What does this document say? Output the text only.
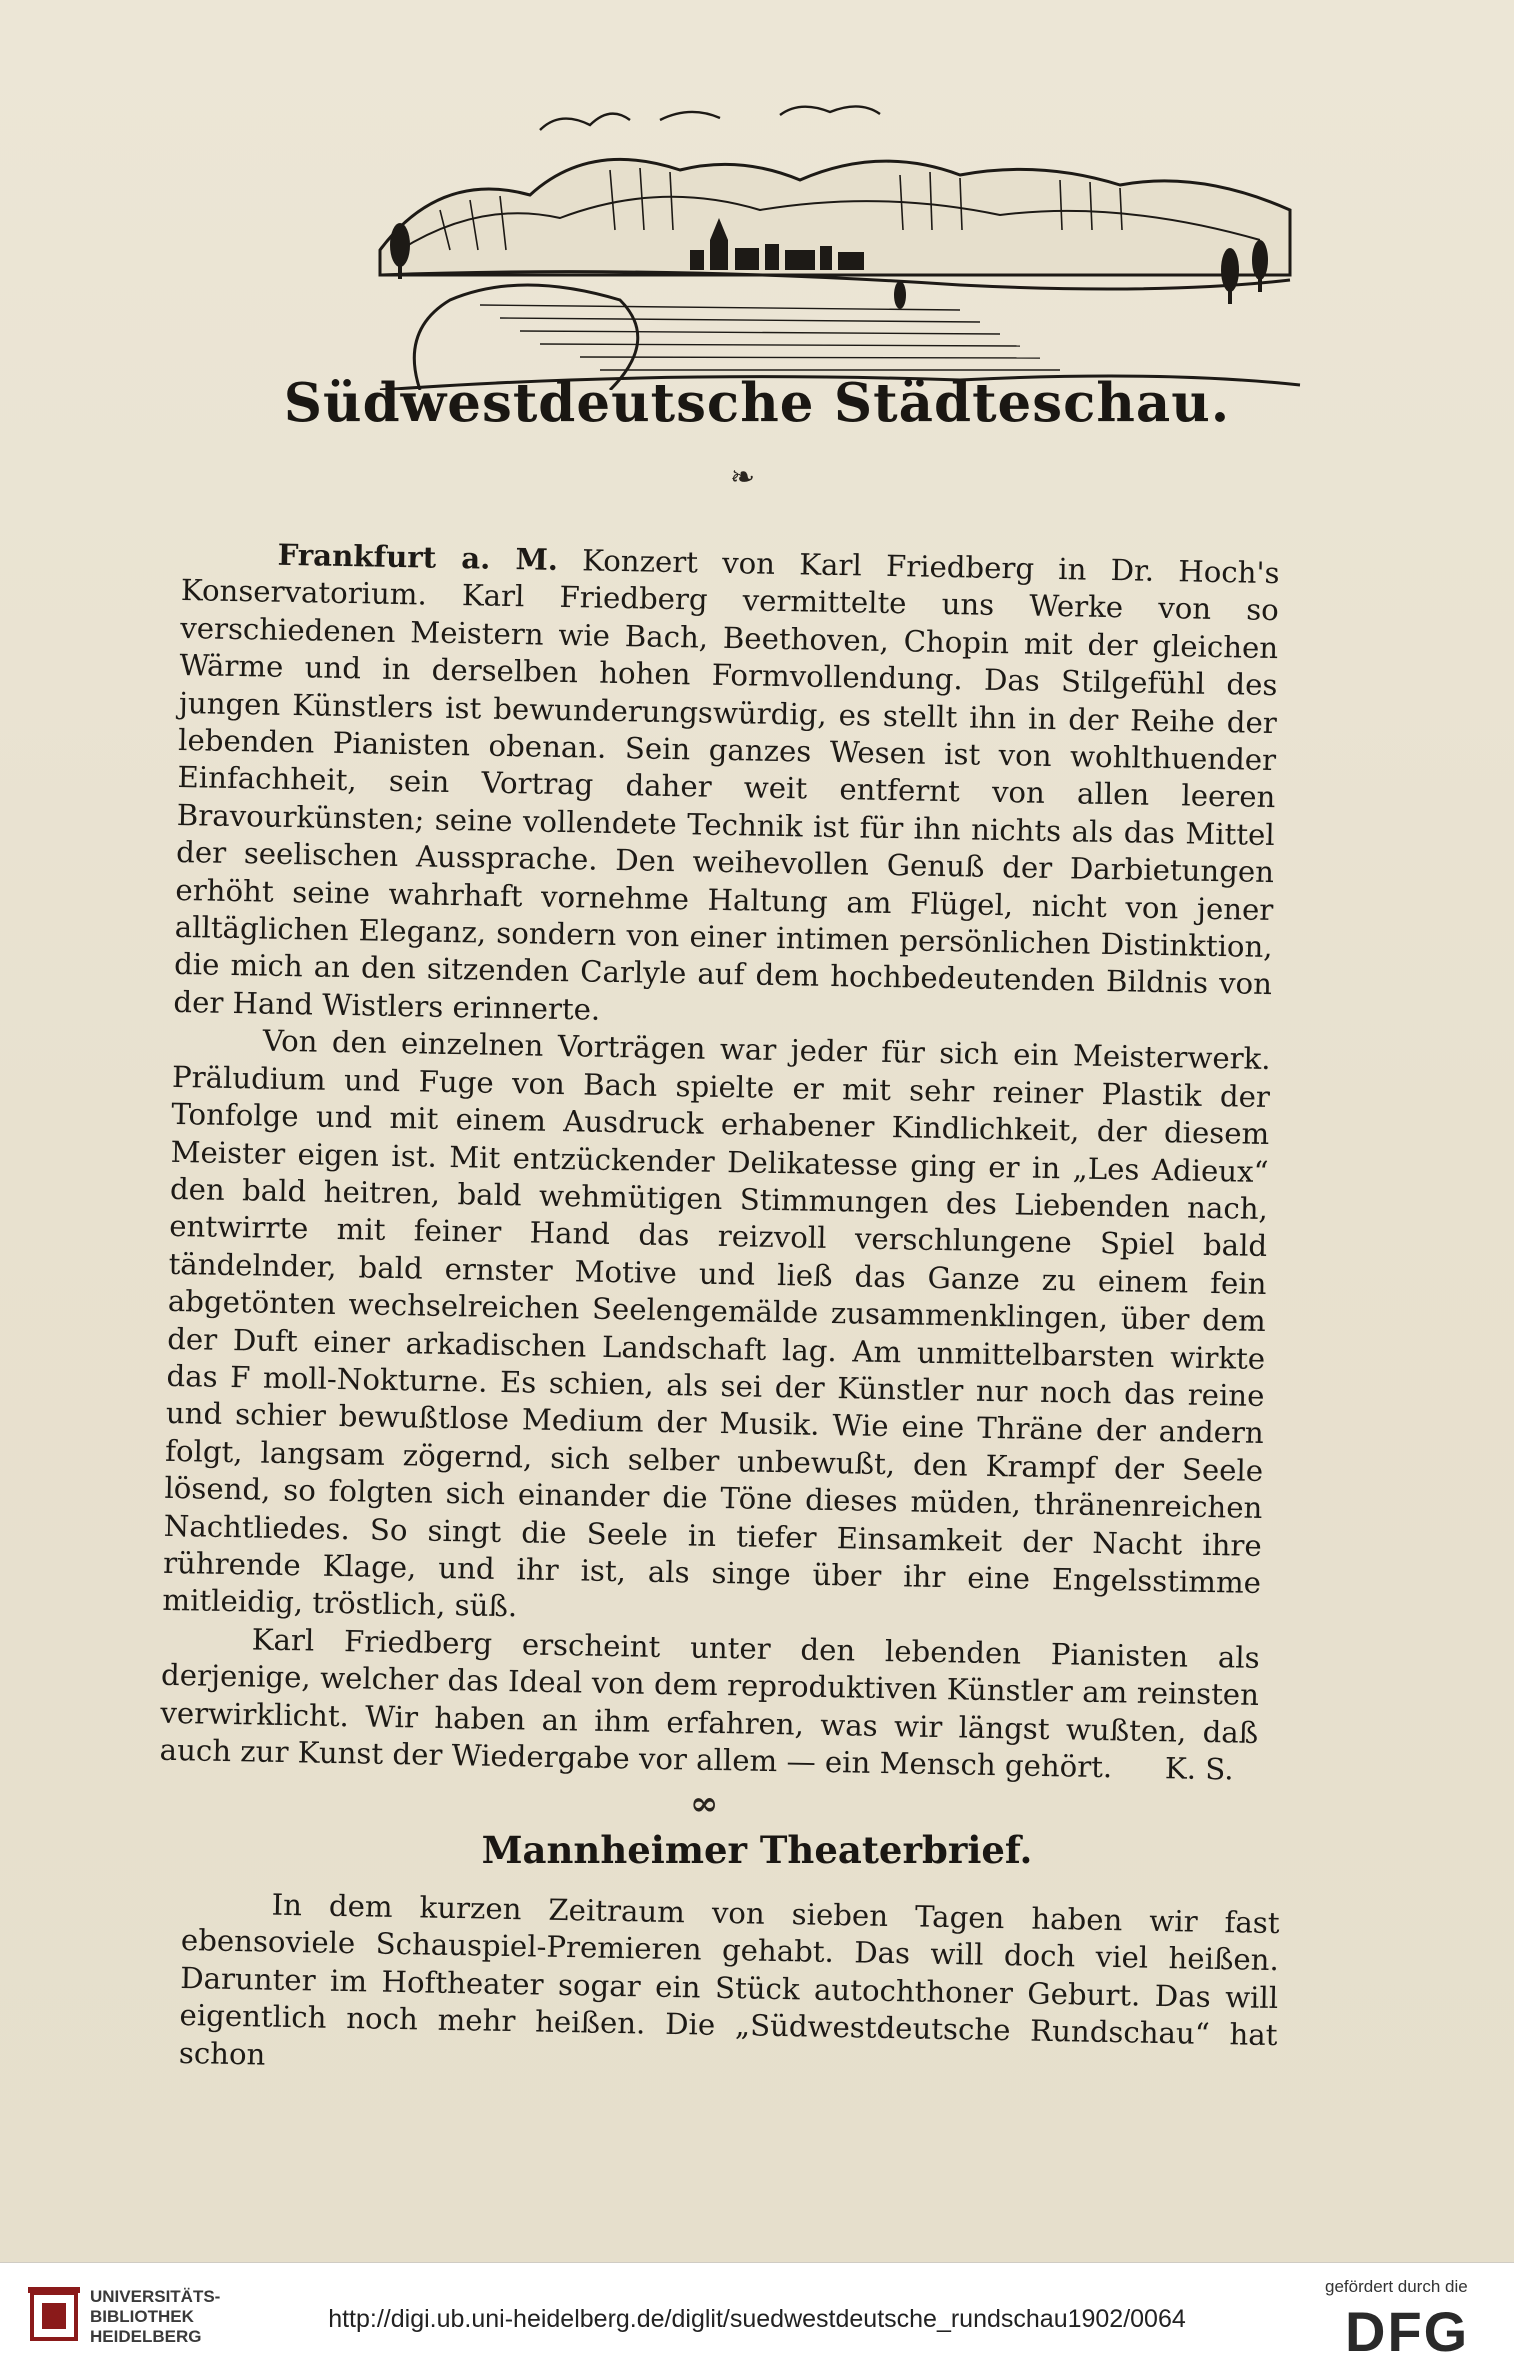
Südwestdeutsche Städteschau.
❧

Frankfurt a. M. Konzert von Karl Friedberg in Dr. Hoch's Konservatorium. Karl Friedberg vermittelte uns Werke von so verschiedenen Meistern wie Bach, Beethoven, Chopin mit der gleichen Wärme und in derselben hohen Formvollendung. Das Stilgefühl des jungen Künstlers ist bewunderungswürdig, es stellt ihn in der Reihe der lebenden Pianisten obenan. Sein ganzes Wesen ist von wohlthuender Einfachheit, sein Vortrag daher weit entfernt von allen leeren Bravourkünsten; seine vollendete Technik ist für ihn nichts als das Mittel der seelischen Aussprache. Den weihevollen Genuß der Darbietungen erhöht seine wahrhaft vornehme Haltung am Flügel, nicht von jener alltäglichen Eleganz, sondern von einer intimen persönlichen Distinktion, die mich an den sitzenden Carlyle auf dem hochbedeutenden Bildnis von der Hand Wistlers erinnerte.

Von den einzelnen Vorträgen war jeder für sich ein Meisterwerk. Präludium und Fuge von Bach spielte er mit sehr reiner Plastik der Tonfolge und mit einem Ausdruck erhabener Kindlichkeit, der diesem Meister eigen ist. Mit entzückender Delikatesse ging er in „Les Adieux“ den bald heitren, bald wehmütigen Stimmungen des Liebenden nach, entwirrte mit feiner Hand das reizvoll verschlungene Spiel bald tändelnder, bald ernster Motive und ließ das Ganze zu einem fein abgetönten wechselreichen Seelengemälde zusammenklingen, über dem der Duft einer arkadischen Landschaft lag. Am unmittelbarsten wirkte das F moll-Nokturne. Es schien, als sei der Künstler nur noch das reine und schier bewußtlose Medium der Musik. Wie eine Thräne der andern folgt, langsam zögernd, sich selber unbewußt, den Krampf der Seele lösend, so folgten sich einander die Töne dieses müden, thränenreichen Nachtliedes. So singt die Seele in tiefer Einsamkeit der Nacht ihre rührende Klage, und ihr ist, als singe über ihr eine Engelsstimme mitleidig, tröstlich, süß.

Karl Friedberg erscheint unter den lebenden Pianisten als derjenige, welcher das Ideal von dem reproduktiven Künstler am reinsten verwirklicht. Wir haben an ihm erfahren, was wir längst wußten, daß auch zur Kunst der Wiedergabe vor allem — ein Mensch gehört.	K. S.
∞
Mannheimer Theaterbrief.

In dem kurzen Zeitraum von sieben Tagen haben wir fast ebensoviele Schauspiel-Premieren gehabt. Das will doch viel heißen. Darunter im Hoftheater sogar ein Stück autochthoner Geburt. Das will eigentlich noch mehr heißen. Die „Südwestdeutsche Rundschau“ hat schon

UNIVERSITÄTS-
BIBLIOTHEK
HEIDELBERG
http://digi.ub.uni-heidelberg.de/diglit/suedwestdeutsche_rundschau1902/0064
gefördert durch die
DFG
